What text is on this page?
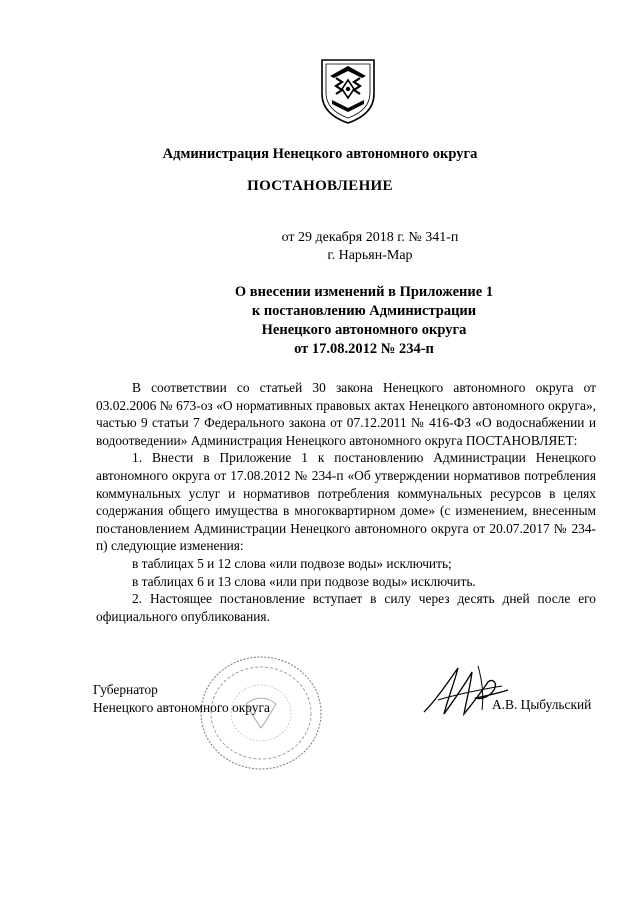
Администрация Ненецкого автономного округа
ПОСТАНОВЛЕНИЕ
от 29 декабря 2018 г. № 341-п
г. Нарьян-Мар
О внесении изменений в Приложение 1
к постановлению Администрации
Ненецкого автономного округа
от 17.08.2012 № 234-п

В соответствии со статьей 30 закона Ненецкого автономного округа от 03.02.2006 № 673-оз «О нормативных правовых актах Ненецкого автономного округа», частью 9 статьи 7 Федерального закона от 07.12.2011 № 416-ФЗ «О водоснабжении и водоотведении» Администрация Ненецкого автономного округа ПОСТАНОВЛЯЕТ:

1. Внести в Приложение 1 к постановлению Администрации Ненецкого автономного округа от 17.08.2012 № 234-п «Об утверждении нормативов потребления коммунальных услуг и нормативов потребления коммунальных ресурсов в целях содержания общего имущества в многоквартирном доме» (с изменением, внесенным постановлением Администрации Ненецкого автономного округа от 20.07.2017 № 234-п) следующие изменения:

в таблицах 5 и 12 слова «или подвозе воды» исключить;

в таблицах 6 и 13 слова «или при подвозе воды» исключить.

2. Настоящее постановление вступает в силу через десять дней после его официального опубликования.

Губернатор
Ненецкого автономного округа	А.В. Цыбульский
